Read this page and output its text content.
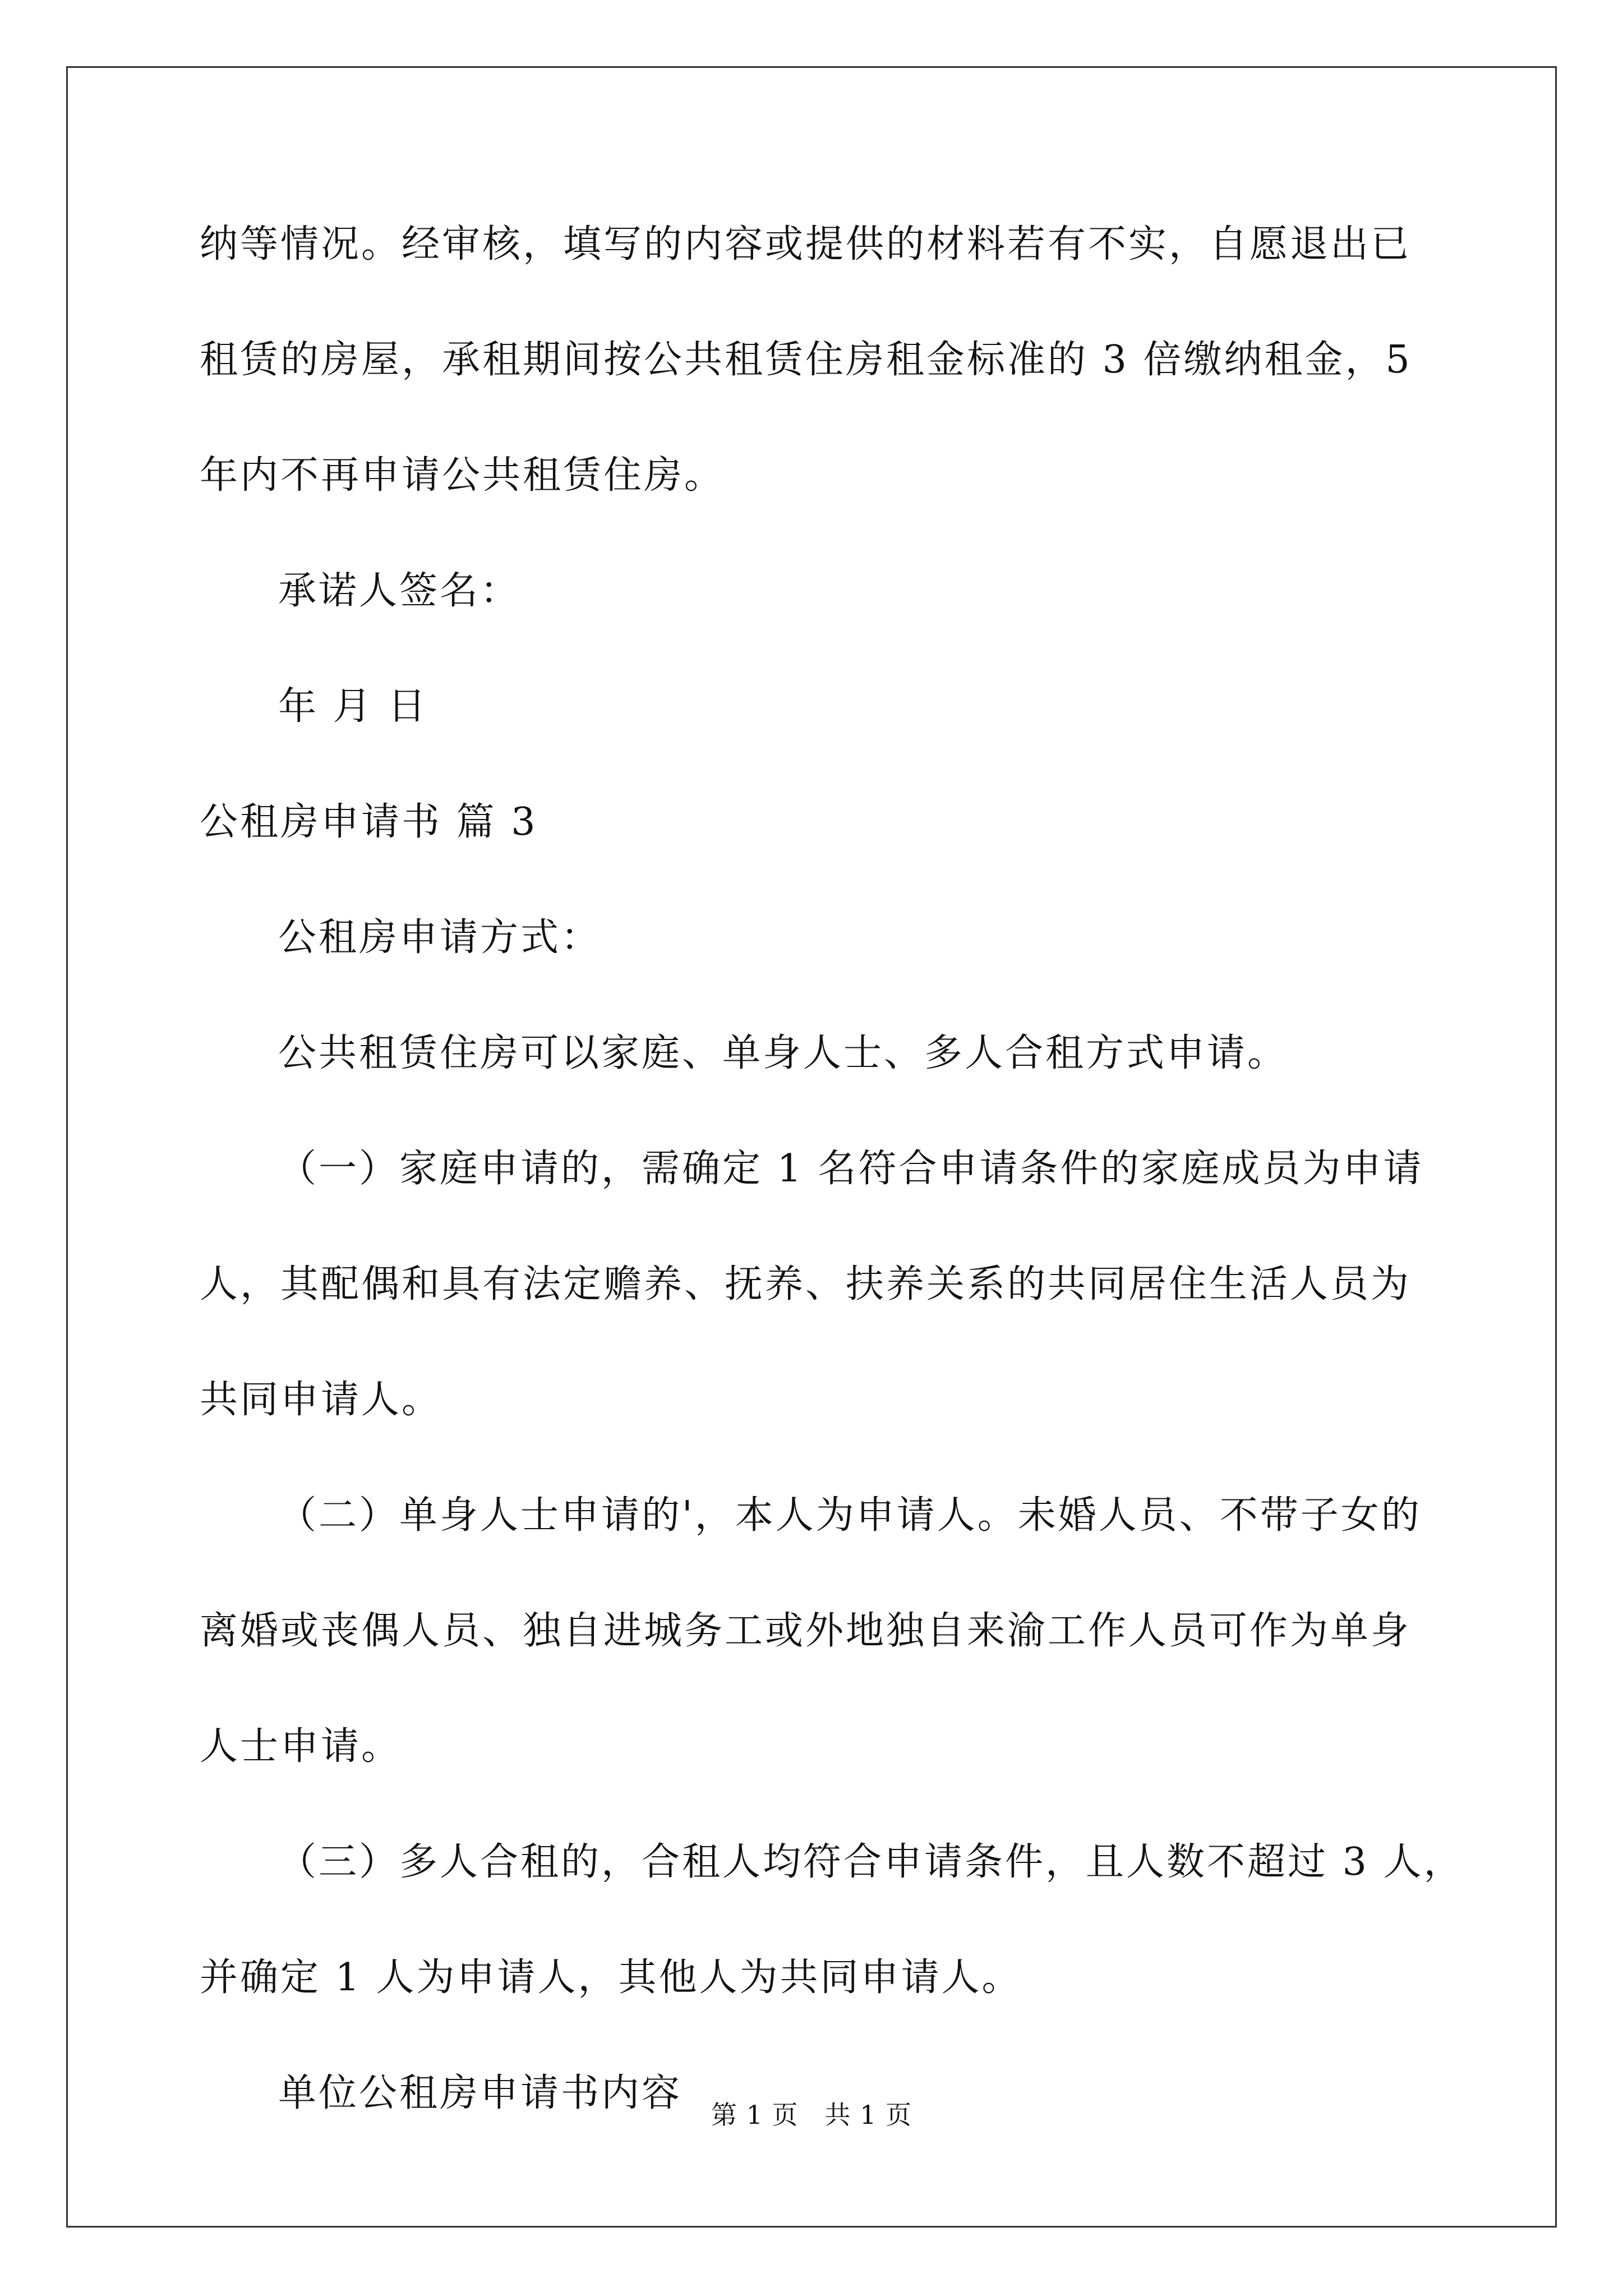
纳等情况。经审核，填写的内容或提供的材料若有不实，自愿退出已
租赁的房屋，承租期间按公共租赁住房租金标准的 3 倍缴纳租金，5
年内不再申请公共租赁住房。
承诺人签名：
年 月 日
公租房申请书 篇 3
公租房申请方式：
公共租赁住房可以家庭、单身人士、多人合租方式申请。
（一）家庭申请的，需确定 1 名符合申请条件的家庭成员为申请
人，其配偶和具有法定赡养、抚养、扶养关系的共同居住生活人员为
共同申请人。
（二）单身人士申请的'，本人为申请人。未婚人员、不带子女的
离婚或丧偶人员、独自进城务工或外地独自来渝工作人员可作为单身
人士申请。
（三）多人合租的，合租人均符合申请条件，且人数不超过 3 人，
并确定 1 人为申请人，其他人为共同申请人。
单位公租房申请书内容	第 1 页　共 1 页
